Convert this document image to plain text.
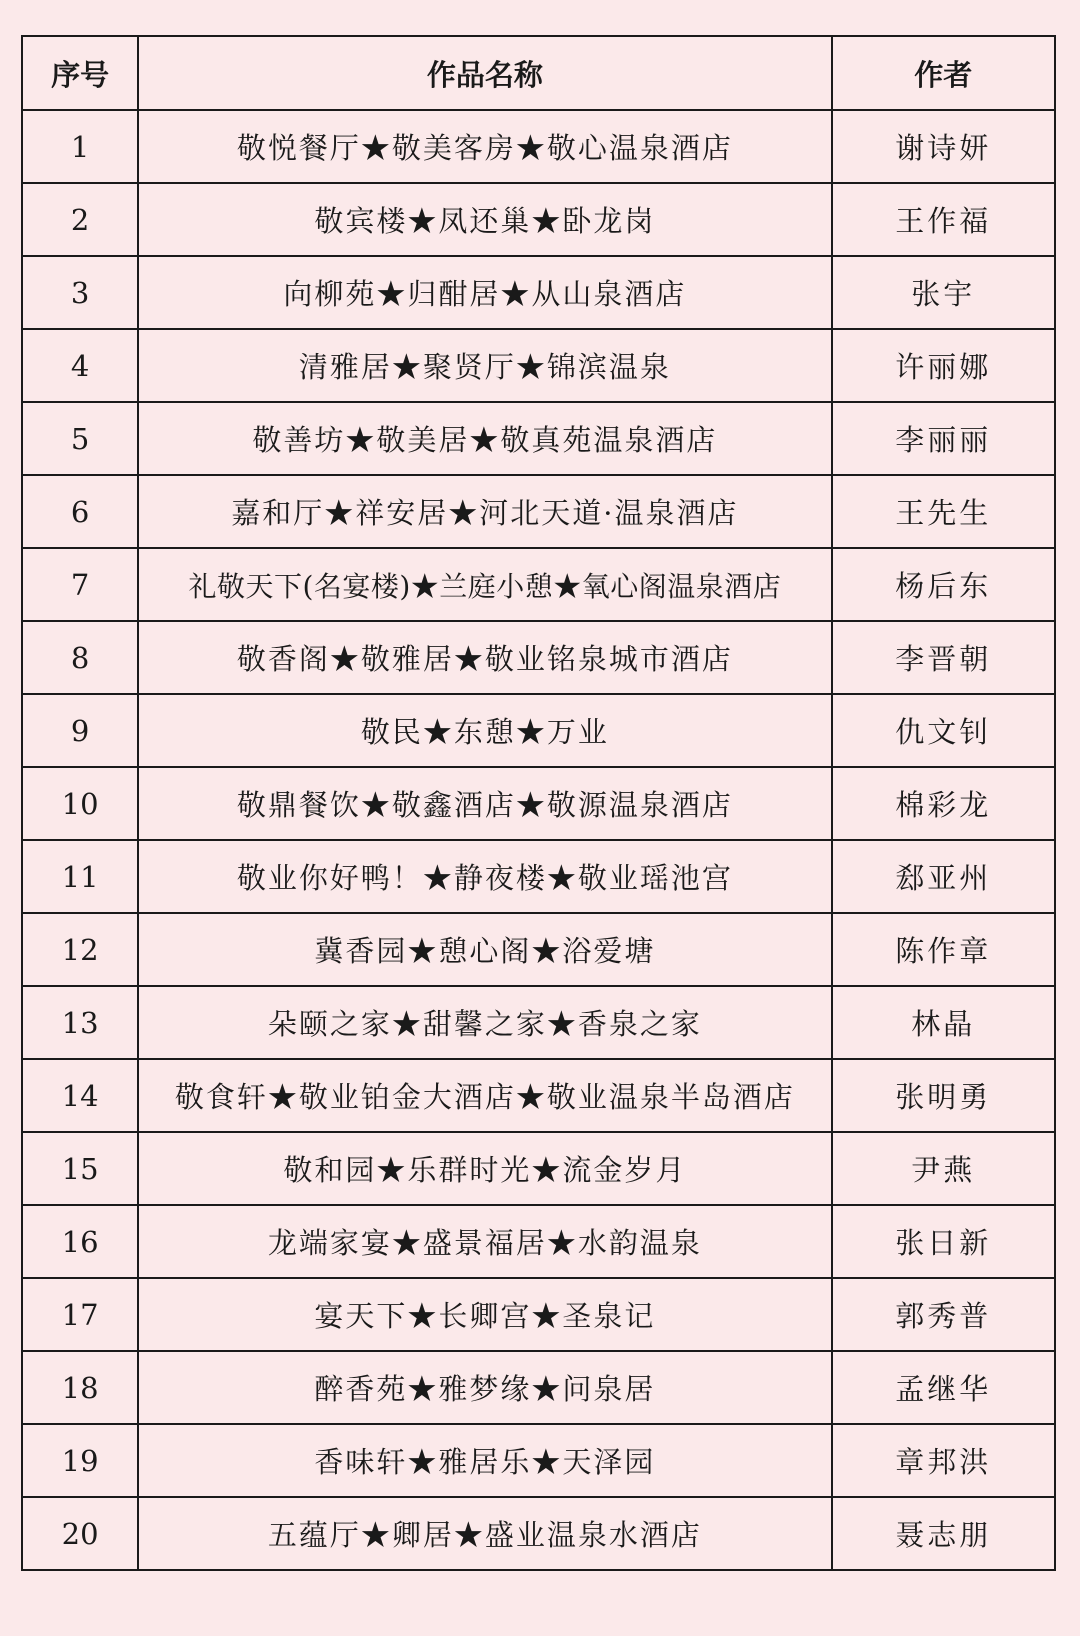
序号	作品名称	作者
1	敬悦餐厅★敬美客房★敬心温泉酒店	谢诗妍
2	敬宾楼★凤还巢★卧龙岗	王作福
3	向柳苑★归酣居★从山泉酒店	张宇
4	清雅居★聚贤厅★锦滨温泉	许丽娜
5	敬善坊★敬美居★敬真苑温泉酒店	李丽丽
6	嘉和厅★祥安居★河北天道·温泉酒店	王先生
7	礼敬天下(名宴楼)★兰庭小憩★氧心阁温泉酒店	杨后东
8	敬香阁★敬雅居★敬业铭泉城市酒店	李晋朝
9	敬民★东憩★万业	仇文钊
10	敬鼎餐饮★敬鑫酒店★敬源温泉酒店	棉彩龙
11	敬业你好鸭！★静夜楼★敬业瑶池宫	郄亚州
12	冀香园★憩心阁★浴爱塘	陈作章
13	朵颐之家★甜馨之家★香泉之家	林晶
14	敬食轩★敬业铂金大酒店★敬业温泉半岛酒店	张明勇
15	敬和园★乐群时光★流金岁月	尹燕
16	龙端家宴★盛景福居★水韵温泉	张日新
17	宴天下★长卿宫★圣泉记	郭秀普
18	醉香苑★雅梦缘★问泉居	孟继华
19	香味轩★雅居乐★天泽园	章邦洪
20	五蕴厅★卿居★盛业温泉水酒店	聂志朋
